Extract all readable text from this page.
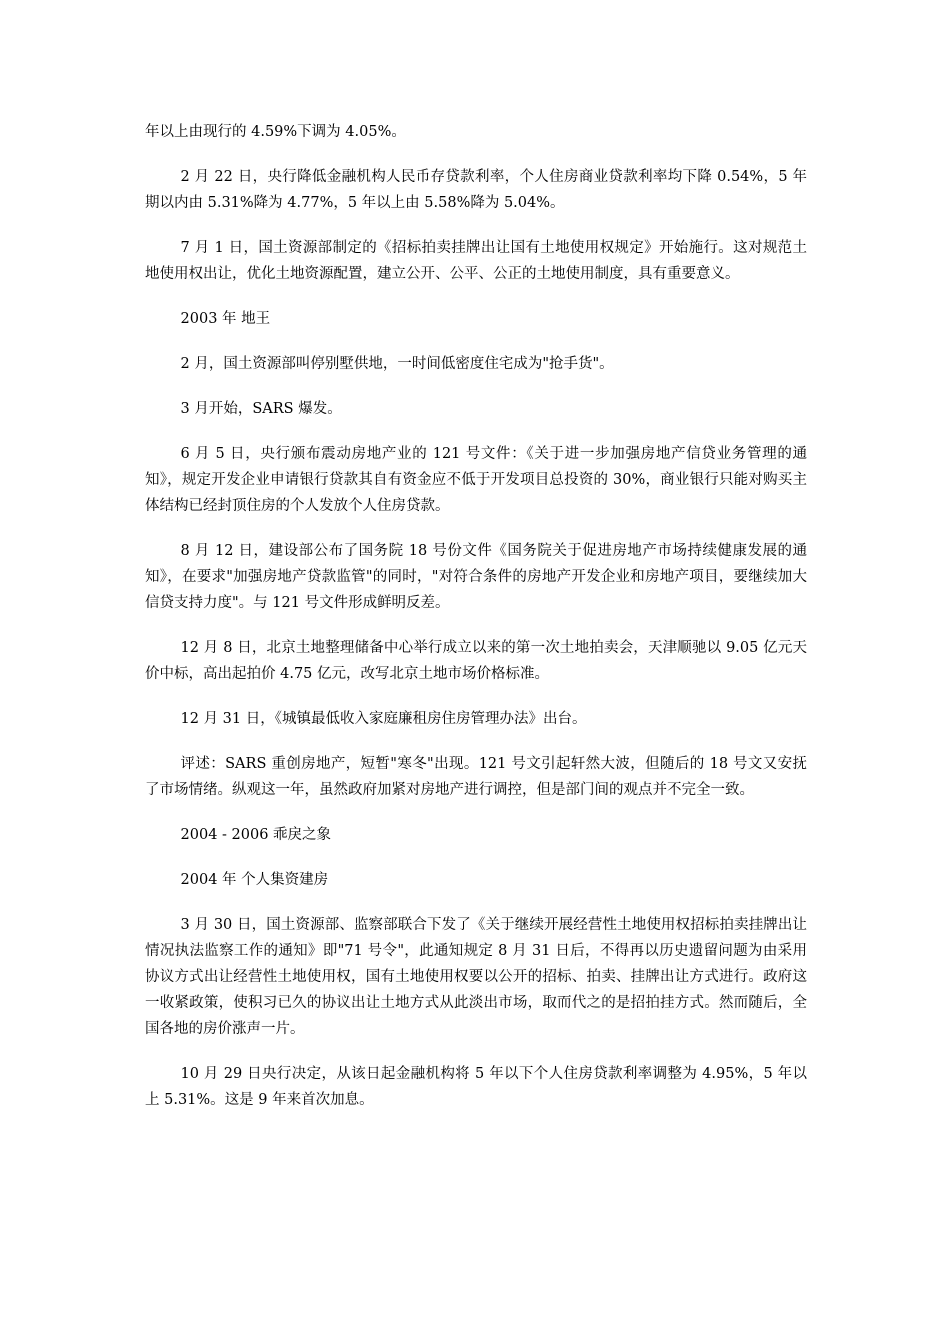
年以上由现行的 4.59%下调为 4.05%。

2 月 22 日，央行降低金融机构人民币存贷款利率，个人住房商业贷款利率均下降 0.54%，5 年期以内由 5.31%降为 4.77%，5 年以上由 5.58%降为 5.04%。

7 月 1 日，国土资源部制定的《招标拍卖挂牌出让国有土地使用权规定》开始施行。这对规范土地使用权出让，优化土地资源配置，建立公开、公平、公正的土地使用制度，具有重要意义。

2003 年 地王

2 月，国土资源部叫停别墅供地，一时间低密度住宅成为"抢手货"。

3 月开始，SARS 爆发。

6 月 5 日，央行颁布震动房地产业的 121 号文件：《关于进一步加强房地产信贷业务管理的通知》，规定开发企业申请银行贷款其自有资金应不低于开发项目总投资的 30%，商业银行只能对购买主体结构已经封顶住房的个人发放个人住房贷款。

8 月 12 日，建设部公布了国务院 18 号份文件《国务院关于促进房地产市场持续健康发展的通知》，在要求"加强房地产贷款监管"的同时，"对符合条件的房地产开发企业和房地产项目，要继续加大信贷支持力度"。与 121 号文件形成鲜明反差。

12 月 8 日，北京土地整理储备中心举行成立以来的第一次土地拍卖会，天津顺驰以 9.05 亿元天价中标，高出起拍价 4.75 亿元，改写北京土地市场价格标准。

12 月 31 日，《城镇最低收入家庭廉租房住房管理办法》出台。

评述：SARS 重创房地产，短暂"寒冬"出现。121 号文引起轩然大波，但随后的 18 号文又安抚了市场情绪。纵观这一年，虽然政府加紧对房地产进行调控，但是部门间的观点并不完全一致。

2004 - 2006 乖戾之象

2004 年 个人集资建房

3 月 30 日，国土资源部、监察部联合下发了《关于继续开展经营性土地使用权招标拍卖挂牌出让情况执法监察工作的通知》即"71 号令"，此通知规定 8 月 31 日后，不得再以历史遗留问题为由采用协议方式出让经营性土地使用权，国有土地使用权要以公开的招标、拍卖、挂牌出让方式进行。政府这一收紧政策，使积习已久的协议出让土地方式从此淡出市场，取而代之的是招拍挂方式。然而随后，全国各地的房价涨声一片。

10 月 29 日央行决定，从该日起金融机构将 5 年以下个人住房贷款利率调整为 4.95%，5 年以上 5.31%。这是 9 年来首次加息。
